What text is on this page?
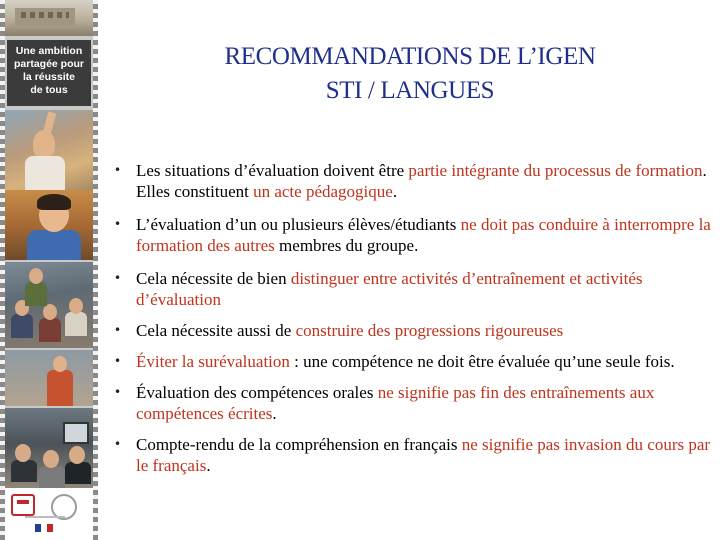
Une ambition
partagée pour
la réussite
de tous
RECOMMANDATIONS DE L’IGEN
STI / LANGUES
• Les situations d’évaluation doivent être partie intégrante du processus de formation. Elles constituent un acte pédagogique.
• L’évaluation d’un ou plusieurs élèves/étudiants ne doit pas conduire à interrompre la formation des autres membres du groupe.
• Cela nécessite de bien distinguer entre activités d’entraînement et activités d’évaluation
• Cela nécessite aussi de construire des progressions rigoureuses
• Éviter la surévaluation : une compétence ne doit être évaluée qu’une seule fois.
• Évaluation des compétences orales ne signifie pas fin des entraînements aux compétences écrites.
• Compte-rendu de la compréhension en français ne signifie pas invasion du cours par le français.
